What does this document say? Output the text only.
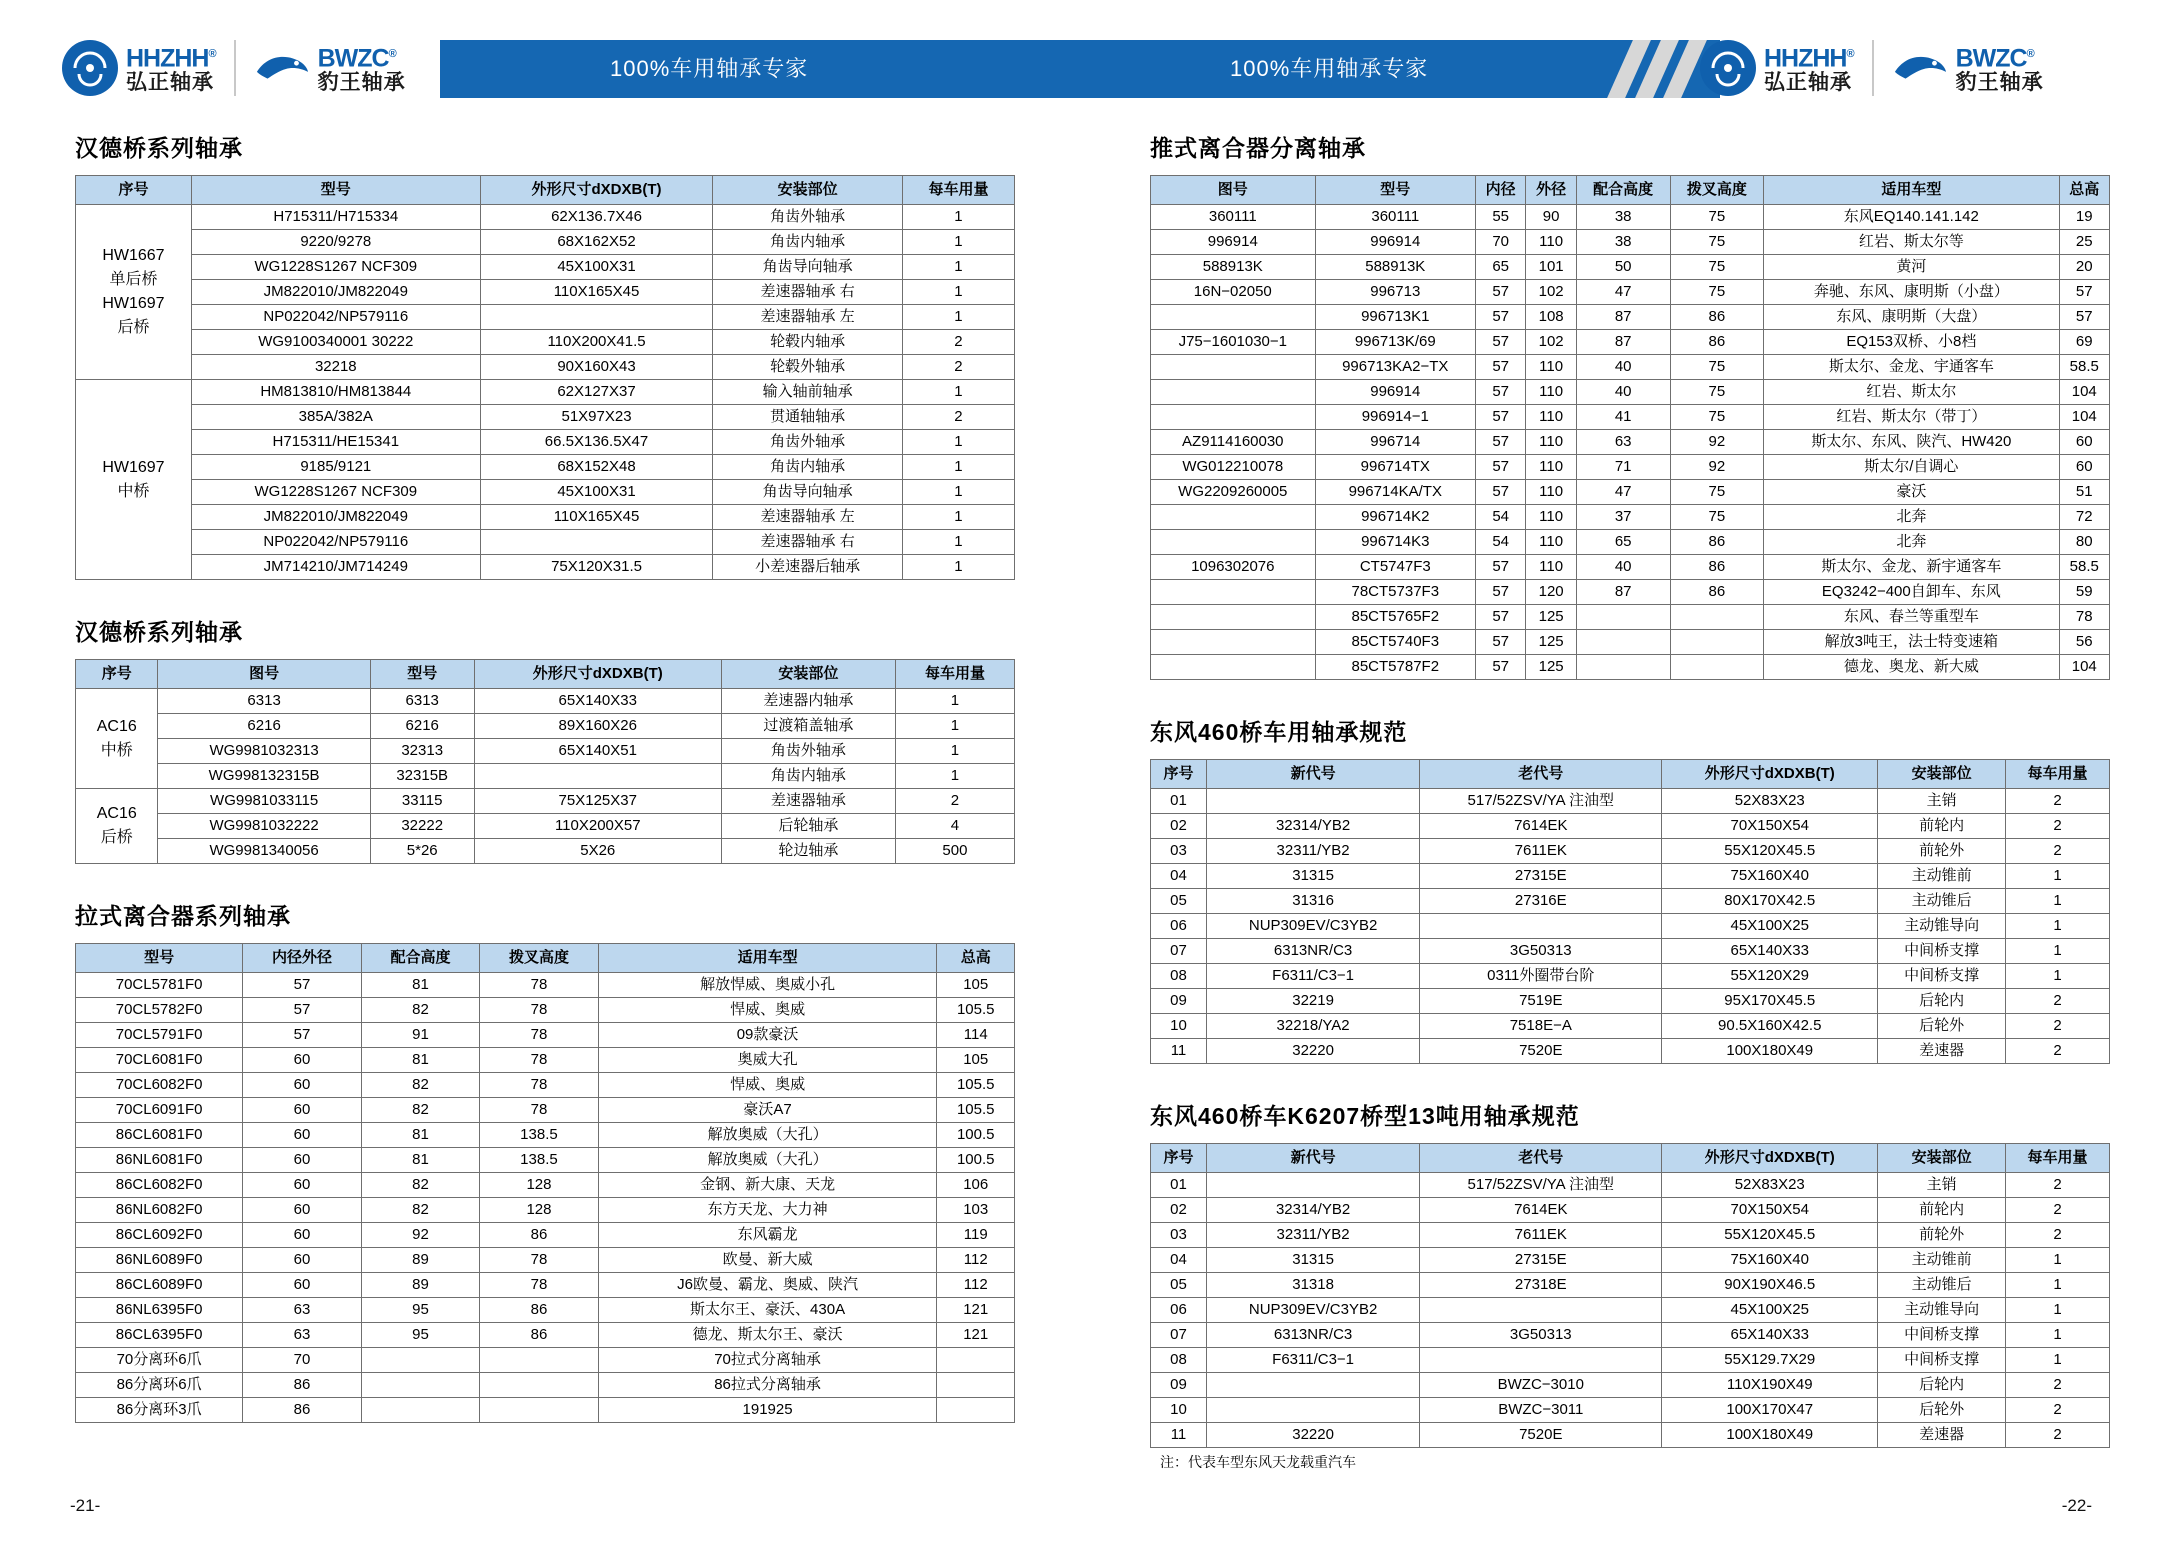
HHZHH®
弘正轴承
BWZC®
豹王轴承
100%车用轴承专家	100%车用轴承专家	HHZHH®
弘正轴承
BWZC®
豹王轴承
汉德桥系列轴承
序号	型号	外形尺寸dXDXB(T)	安装部位	每车用量
HW1667
单后桥
HW1697
后桥	H715311/H715334	62X136.7X46	角齿外轴承	1
	9220/9278	68X162X52	角齿内轴承	1
	WG1228S1267 NCF309	45X100X31	角齿导向轴承	1
	JM822010/JM822049	110X165X45	差速器轴承 右	1
	NP022042/NP579116		差速器轴承 左	1
	WG9100340001 30222	110X200X41.5	轮毂内轴承	2
	32218	90X160X43	轮毂外轴承	2
HW1697
中桥	HM813810/HM813844	62X127X37	输入轴前轴承	1
	385A/382A	51X97X23	贯通轴轴承	2
	H715311/HE15341	66.5X136.5X47	角齿外轴承	1
	9185/9121	68X152X48	角齿内轴承	1
	WG1228S1267 NCF309	45X100X31	角齿导向轴承	1
	JM822010/JM822049	110X165X45	差速器轴承 左	1
	NP022042/NP579116		差速器轴承 右	1
	JM714210/JM714249	75X120X31.5	小差速器后轴承	1
汉德桥系列轴承
序号	图号	型号	外形尺寸dXDXB(T)	安装部位	每车用量
AC16
中桥	6313	6313	65X140X33	差速器内轴承	1
	6216	6216	89X160X26	过渡箱盖轴承	1
	WG9981032313	32313	65X140X51	角齿外轴承	1
	WG998132315B	32315B		角齿内轴承	1
AC16
后桥	WG9981033115	33115	75X125X37	差速器轴承	2
	WG9981032222	32222	110X200X57	后轮轴承	4
	WG9981340056	5*26	5X26	轮边轴承	500
拉式离合器系列轴承
型号	内径外径	配合高度	拨叉高度	适用车型	总高
70CL5781F0	57	81	78	解放悍威、奥威小孔	105
70CL5782F0	57	82	78	悍威、奥威	105.5
70CL5791F0	57	91	78	09款豪沃	114
70CL6081F0	60	81	78	奥威大孔	105
70CL6082F0	60	82	78	悍威、奥威	105.5
70CL6091F0	60	82	78	豪沃A7	105.5
86CL6081F0	60	81	138.5	解放奥威（大孔）	100.5
86NL6081F0	60	81	138.5	解放奥威（大孔）	100.5
86CL6082F0	60	82	128	金钢、新大康、天龙	106
86NL6082F0	60	82	128	东方天龙、大力神	103
86CL6092F0	60	92	86	东风霸龙	119
86NL6089F0	60	89	78	欧曼、新大威	112
86CL6089F0	60	89	78	J6欧曼、霸龙、奥威、陕汽	112
86NL6395F0	63	95	86	斯太尔王、豪沃、430A	121
86CL6395F0	63	95	86	德龙、斯太尔王、豪沃	121
70分离环6爪	70			70拉式分离轴承	
86分离环6爪	86			86拉式分离轴承	
86分离环3爪	86			191925	
推式离合器分离轴承
图号	型号	内径	外径	配合高度	拨叉高度	适用车型	总高
360111	360111	55	90	38	75	东风EQ140.141.142	19
996914	996914	70	110	38	75	红岩、斯太尔等	25
588913K	588913K	65	101	50	75	黄河	20
16N−02050	996713	57	102	47	75	奔驰、东风、康明斯（小盘）	57
	996713K1	57	108	87	86	东风、康明斯（大盘）	57
J75−1601030−1	996713K/69	57	102	87	86	EQ153双桥、小8档	69
	996713KA2−TX	57	110	40	75	斯太尔、金龙、宇通客车	58.5
	996914	57	110	40	75	红岩、斯太尔	104
	996914−1	57	110	41	75	红岩、斯太尔（带丁）	104
AZ9114160030	996714	57	110	63	92	斯太尔、东风、陕汽、HW420	60
WG012210078	996714TX	57	110	71	92	斯太尔/自调心	60
WG2209260005	996714KA/TX	57	110	47	75	豪沃	51
	996714K2	54	110	37	75	北奔	72
	996714K3	54	110	65	86	北奔	80
1096302076	CT5747F3	57	110	40	86	斯太尔、金龙、新宇通客车	58.5
	78CT5737F3	57	120	87	86	EQ3242−400自卸车、东风	59
	85CT5765F2	57	125			东风、春兰等重型车	78
	85CT5740F3	57	125			解放3吨王，法士特变速箱	56
	85CT5787F2	57	125			德龙、奥龙、新大威	104
东风460桥车用轴承规范
序号	新代号	老代号	外形尺寸dXDXB(T)	安装部位	每车用量
01		517/52ZSV/YA 注油型	52X83X23	主销	2
02	32314/YB2	7614EK	70X150X54	前轮内	2
03	32311/YB2	7611EK	55X120X45.5	前轮外	2
04	31315	27315E	75X160X40	主动锥前	1
05	31316	27316E	80X170X42.5	主动锥后	1
06	NUP309EV/C3YB2		45X100X25	主动锥导向	1
07	6313NR/C3	3G50313	65X140X33	中间桥支撑	1
08	F6311/C3−1	0311外圈带台阶	55X120X29	中间桥支撑	1
09	32219	7519E	95X170X45.5	后轮内	2
10	32218/YA2	7518E−A	90.5X160X42.5	后轮外	2
11	32220	7520E	100X180X49	差速器	2
东风460桥车K6207桥型13吨用轴承规范
序号	新代号	老代号	外形尺寸dXDXB(T)	安装部位	每车用量
01		517/52ZSV/YA 注油型	52X83X23	主销	2
02	32314/YB2	7614EK	70X150X54	前轮内	2
03	32311/YB2	7611EK	55X120X45.5	前轮外	2
04	31315	27315E	75X160X40	主动锥前	1
05	31318	27318E	90X190X46.5	主动锥后	1
06	NUP309EV/C3YB2		45X100X25	主动锥导向	1
07	6313NR/C3	3G50313	65X140X33	中间桥支撑	1
08	F6311/C3−1		55X129.7X29	中间桥支撑	1
09		BWZC−3010	110X190X49	后轮内	2
10		BWZC−3011	100X170X47	后轮外	2
11	32220	7520E	100X180X49	差速器	2
注：代表车型东风天龙载重汽车
-21-	-22-
